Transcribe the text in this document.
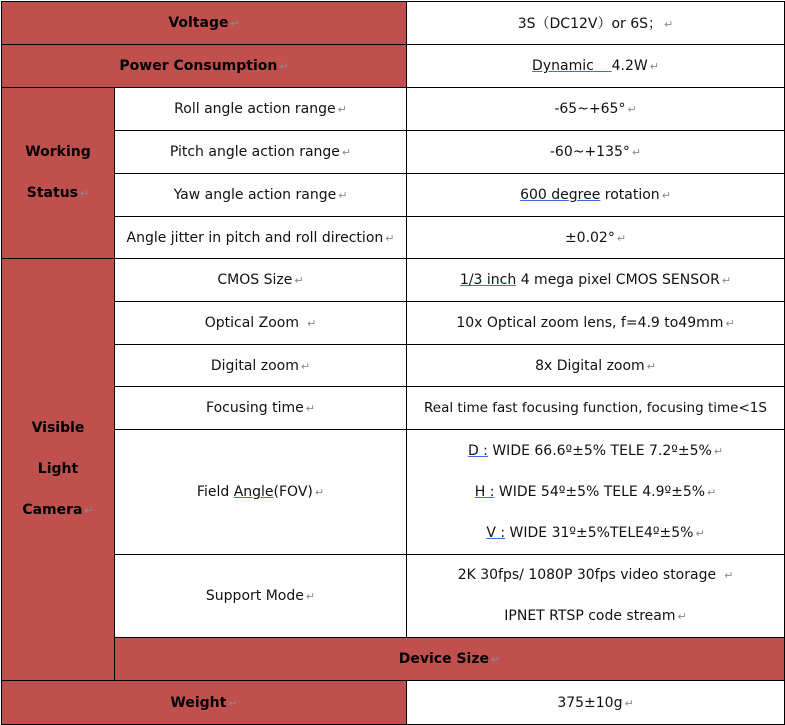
Voltage ↵		3S（DC12V）or 6S； ↵	
Power Consumption ↵		Dynamic 4.2W ↵	

Working
Status ↵	Roll angle action range ↵	-65~+65° ↵	
	Pitch angle action range ↵	-60~+135° ↵	
	Yaw angle action range ↵	600 degree rotation ↵	
	Angle jitter in pitch and roll direction ↵	±0.02° ↵	

Visible
Light
Camera ↵	CMOS Size ↵	1/3 inch 4 mega pixel CMOS SENSOR ↵	
	Optical Zoom ↵	10x Optical zoom lens, f=4.9 to49mm ↵	
	Digital zoom ↵	8x Digital zoom ↵	
	Focusing time ↵	Real time fast focusing function, focusing time<1S	
	Field Angle(FOV) ↵	D : WIDE 66.6º±5% TELE 7.2º±5% ↵
H : WIDE 54º±5% TELE 4.9º±5% ↵
V : WIDE 31º±5%TELE4º±5% ↵	

	Support Mode ↵	2K 30fps/ 1080P 30fps video storage ↵
IPNET RTSP code stream ↵	

	Device Size ↵	
Weight ↵		375±10g ↵	
